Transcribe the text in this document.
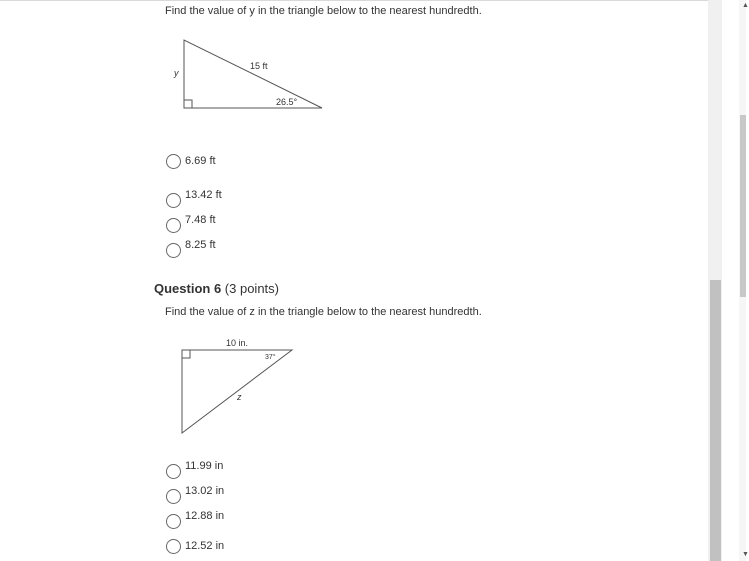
Find the value of y in the triangle below to the nearest hundredth.
15 ft
y
26.5°
6.69 ft
13.42 ft
7.48 ft
8.25 ft
Question 6 (3 points)
Find the value of z in the triangle below to the nearest hundredth.
10 in.
z
37°
11.99 in
13.02 in
12.88 in
12.52 in
▲
▼
